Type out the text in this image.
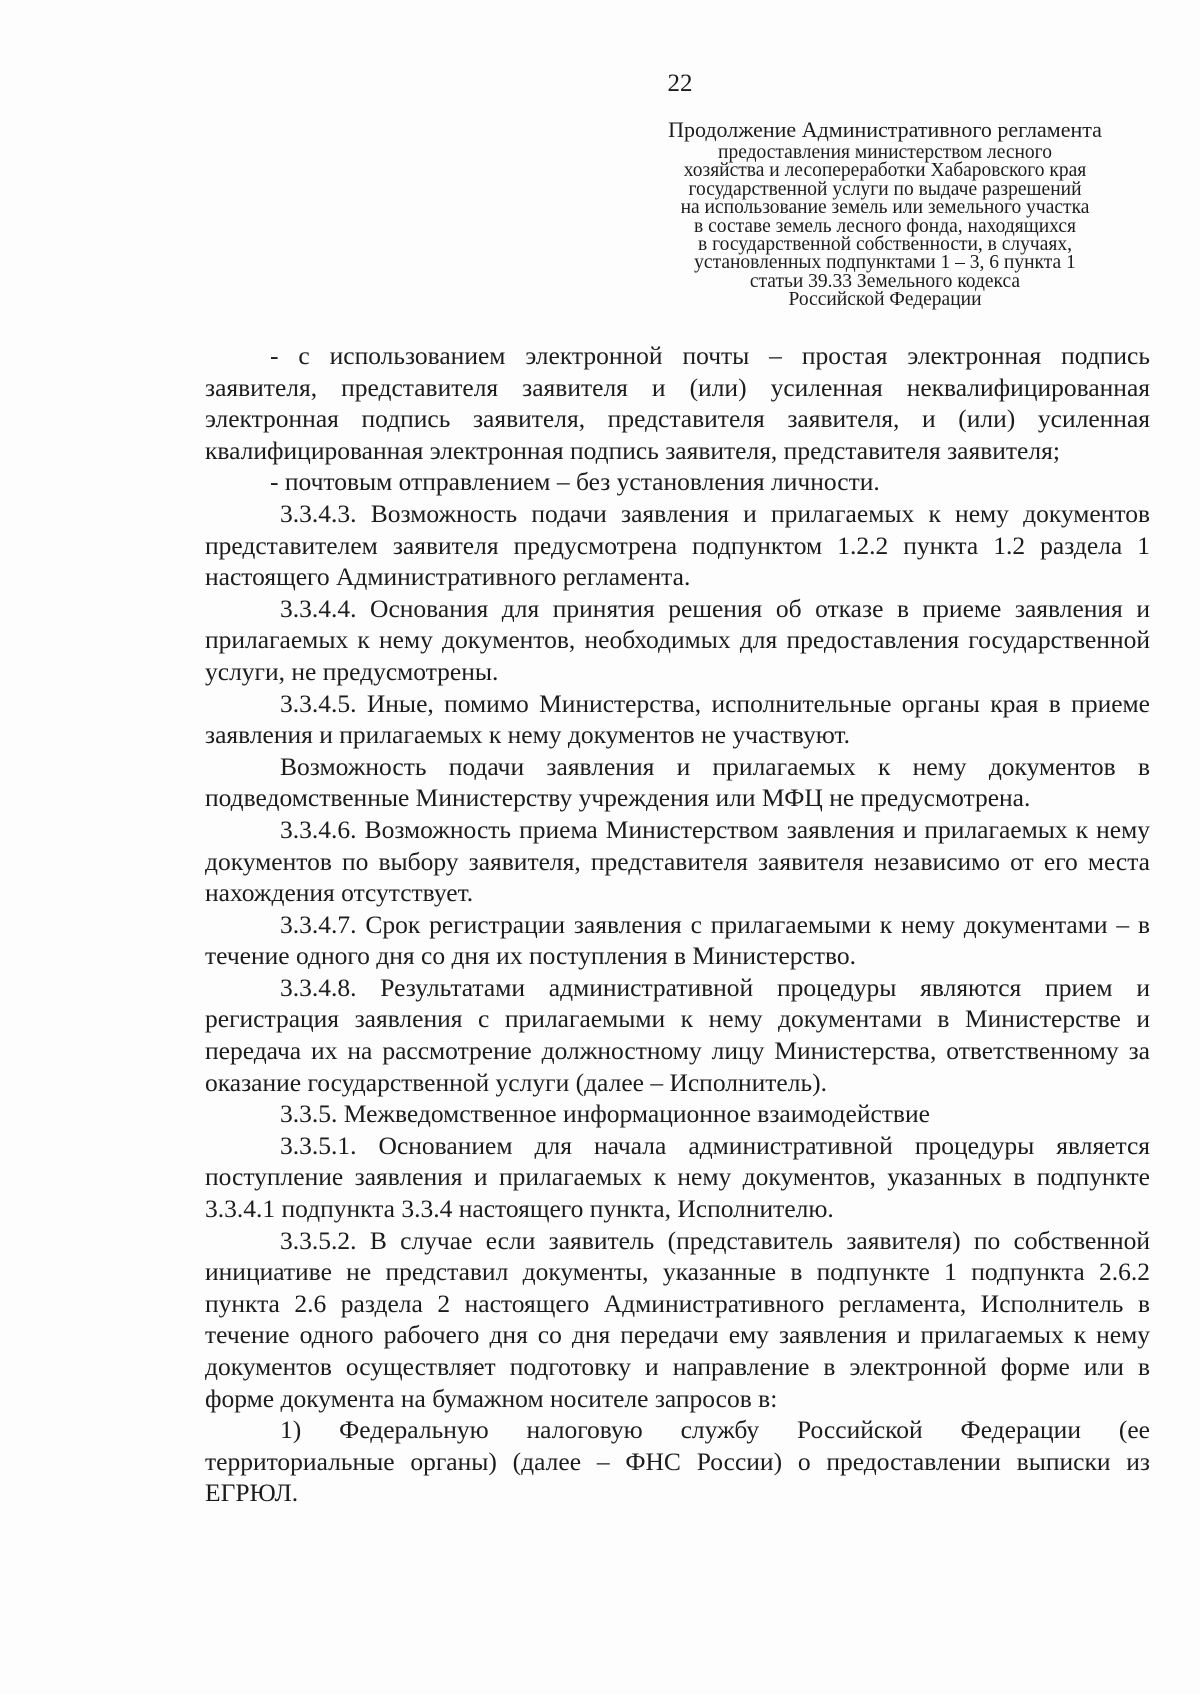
22
Продолжение Административного регламента
предоставления министерством лесного
хозяйства и лесопереработки Хабаровского края
государственной услуги по выдаче разрешений
на использование земель или земельного участка
в составе земель лесного фонда, находящихся
в государственной собственности, в случаях,
установленных подпунктами 1 – 3, 6 пункта 1
статьи 39.33 Земельного кодекса
Российской Федерации

- с использованием электронной почты – простая электронная подпись заявителя, представителя заявителя и (или) усиленная неквалифицированная электронная подпись заявителя, представителя заявителя, и (или) усиленная квалифицированная электронная подпись заявителя, представителя заявителя;

- почтовым отправлением – без установления личности.

3.3.4.3. Возможность подачи заявления и прилагаемых к нему документов представителем заявителя предусмотрена подпунктом 1.2.2 пункта 1.2 раздела 1 настоящего Административного регламента.

3.3.4.4. Основания для принятия решения об отказе в приеме заявления и прилагаемых к нему документов, необходимых для предоставления государственной услуги, не предусмотрены.

3.3.4.5. Иные, помимо Министерства, исполнительные органы края в приеме заявления и прилагаемых к нему документов не участвуют.

Возможность подачи заявления и прилагаемых к нему документов в подведомственные Министерству учреждения или МФЦ не предусмотрена.

3.3.4.6. Возможность приема Министерством заявления и прилагаемых к нему документов по выбору заявителя, представителя заявителя независимо от его места нахождения отсутствует.

3.3.4.7. Срок регистрации заявления с прилагаемыми к нему документами – в течение одного дня со дня их поступления в Министерство.

3.3.4.8. Результатами административной процедуры являются прием и регистрация заявления с прилагаемыми к нему документами в Министерстве и передача их на рассмотрение должностному лицу Министерства, ответственному за оказание государственной услуги (далее – Исполнитель).

3.3.5. Межведомственное информационное взаимодействие

3.3.5.1. Основанием для начала административной процедуры является поступление заявления и прилагаемых к нему документов, указанных в подпункте 3.3.4.1 подпункта 3.3.4 настоящего пункта, Исполнителю.

3.3.5.2. В случае если заявитель (представитель заявителя) по собственной инициативе не представил документы, указанные в подпункте 1 подпункта 2.6.2 пункта 2.6 раздела 2 настоящего Административного регламента, Исполнитель в течение одного рабочего дня со дня передачи ему заявления и прилагаемых к нему документов осуществляет подготовку и направление в электронной форме или в форме документа на бумажном носителе запросов в:

1) Федеральную налоговую службу Российской Федерации (ее территориальные органы) (далее – ФНС России) о предоставлении выписки из ЕГРЮЛ.
